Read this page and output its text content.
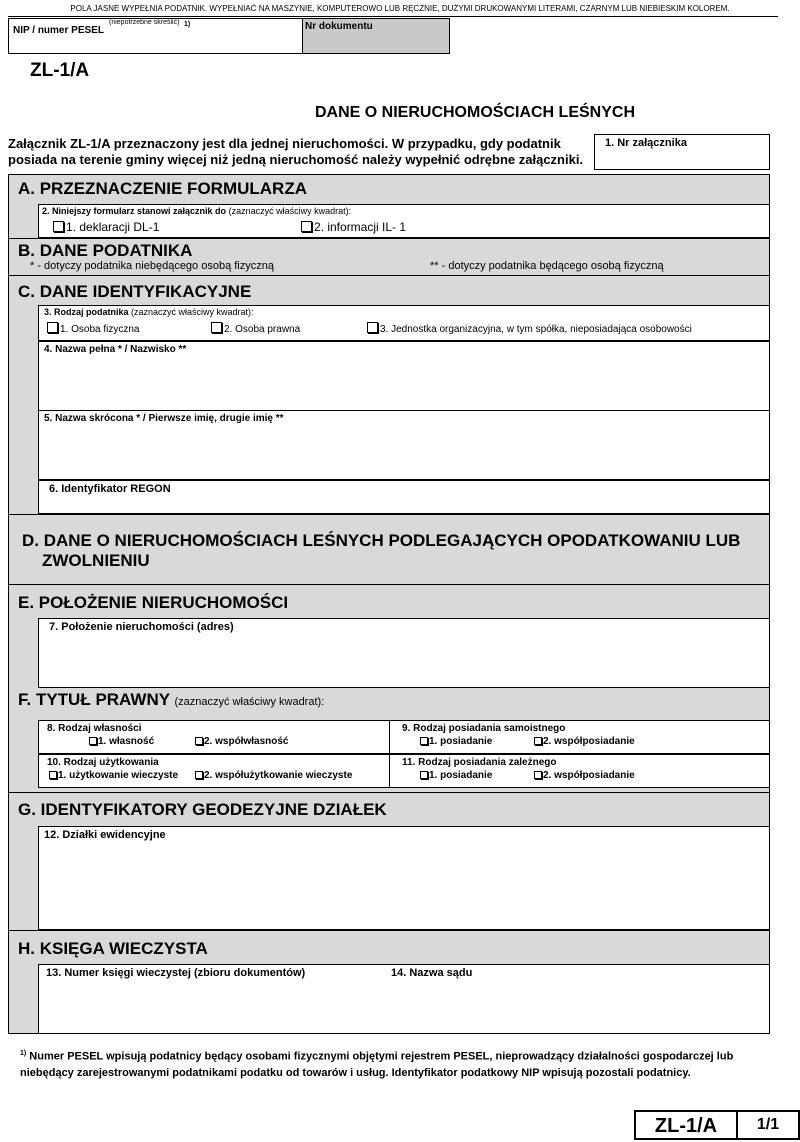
POLA JASNE WYPEŁNIA PODATNIK. WYPEŁNIAĆ NA MASZYNIE, KOMPUTEROWO LUB RĘCZNIE, DUŻYMI DRUKOWANYMI LITERAMI, CZARNYM LUB NIEBIESKIM KOLOREM.
NIP / numer PESEL
(niepotrzebne skreślić) 1)	Nr dokumentu
ZL-1/A
DANE O NIERUCHOMOŚCIACH LEŚNYCH
Załącznik ZL-1/A przeznaczony jest dla jednej nieruchomości. W przypadku, gdy podatnik
posiada na terenie gminy więcej niż jedną nieruchomość należy wypełnić odrębne załączniki.
1. Nr załącznika
A. PRZEZNACZENIE FORMULARZA
2. Niniejszy formularz stanowi załącznik do (zaznaczyć właściwy kwadrat):
1. deklaracji DL-1	2. informacji IL- 1
B. DANE PODATNIKA
* - dotyczy podatnika niebędącego osobą fizyczną	** - dotyczy podatnika będącego osobą fizyczną
C. DANE IDENTYFIKACYJNE
3. Rodzaj podatnika (zaznaczyć właściwy kwadrat):
1. Osoba fizyczna	2. Osoba prawna	3. Jednostka organizacyjna, w tym spółka, nieposiadająca osobowości
4. Nazwa pełna * / Nazwisko **
5. Nazwa skrócona * / Pierwsze imię, drugie imię **
6. Identyfikator REGON
D. DANE O NIERUCHOMOŚCIACH LEŚNYCH PODLEGAJĄCYCH OPODATKOWANIU LUB
ZWOLNIENIU
E. POŁOŻENIE NIERUCHOMOŚCI
7. Położenie nieruchomości (adres)
F. TYTUŁ PRAWNY (zaznaczyć właściwy kwadrat):
8. Rodzaj własności
1. własność	2. współwłasność
9. Rodzaj posiadania samoistnego
1. posiadanie	2. współposiadanie
10. Rodzaj użytkowania
1. użytkowanie wieczyste	2. współużytkowanie wieczyste
11. Rodzaj posiadania zależnego
1. posiadanie	2. współposiadanie
G. IDENTYFIKATORY GEODEZYJNE DZIAŁEK
12. Działki ewidencyjne
H. KSIĘGA WIECZYSTA
13. Numer księgi wieczystej (zbioru dokumentów)	14. Nazwa sądu
$^{1)}$ Numer PESEL wpisują podatnicy będący osobami fizycznymi objętymi rejestrem PESEL, nieprowadzący działalności gospodarczej lub
niebędący zarejestrowanymi podatnikami podatku od towarów i usług. Identyfikator podatkowy NIP wpisują pozostali podatnicy.
ZL-1/A	1/1
